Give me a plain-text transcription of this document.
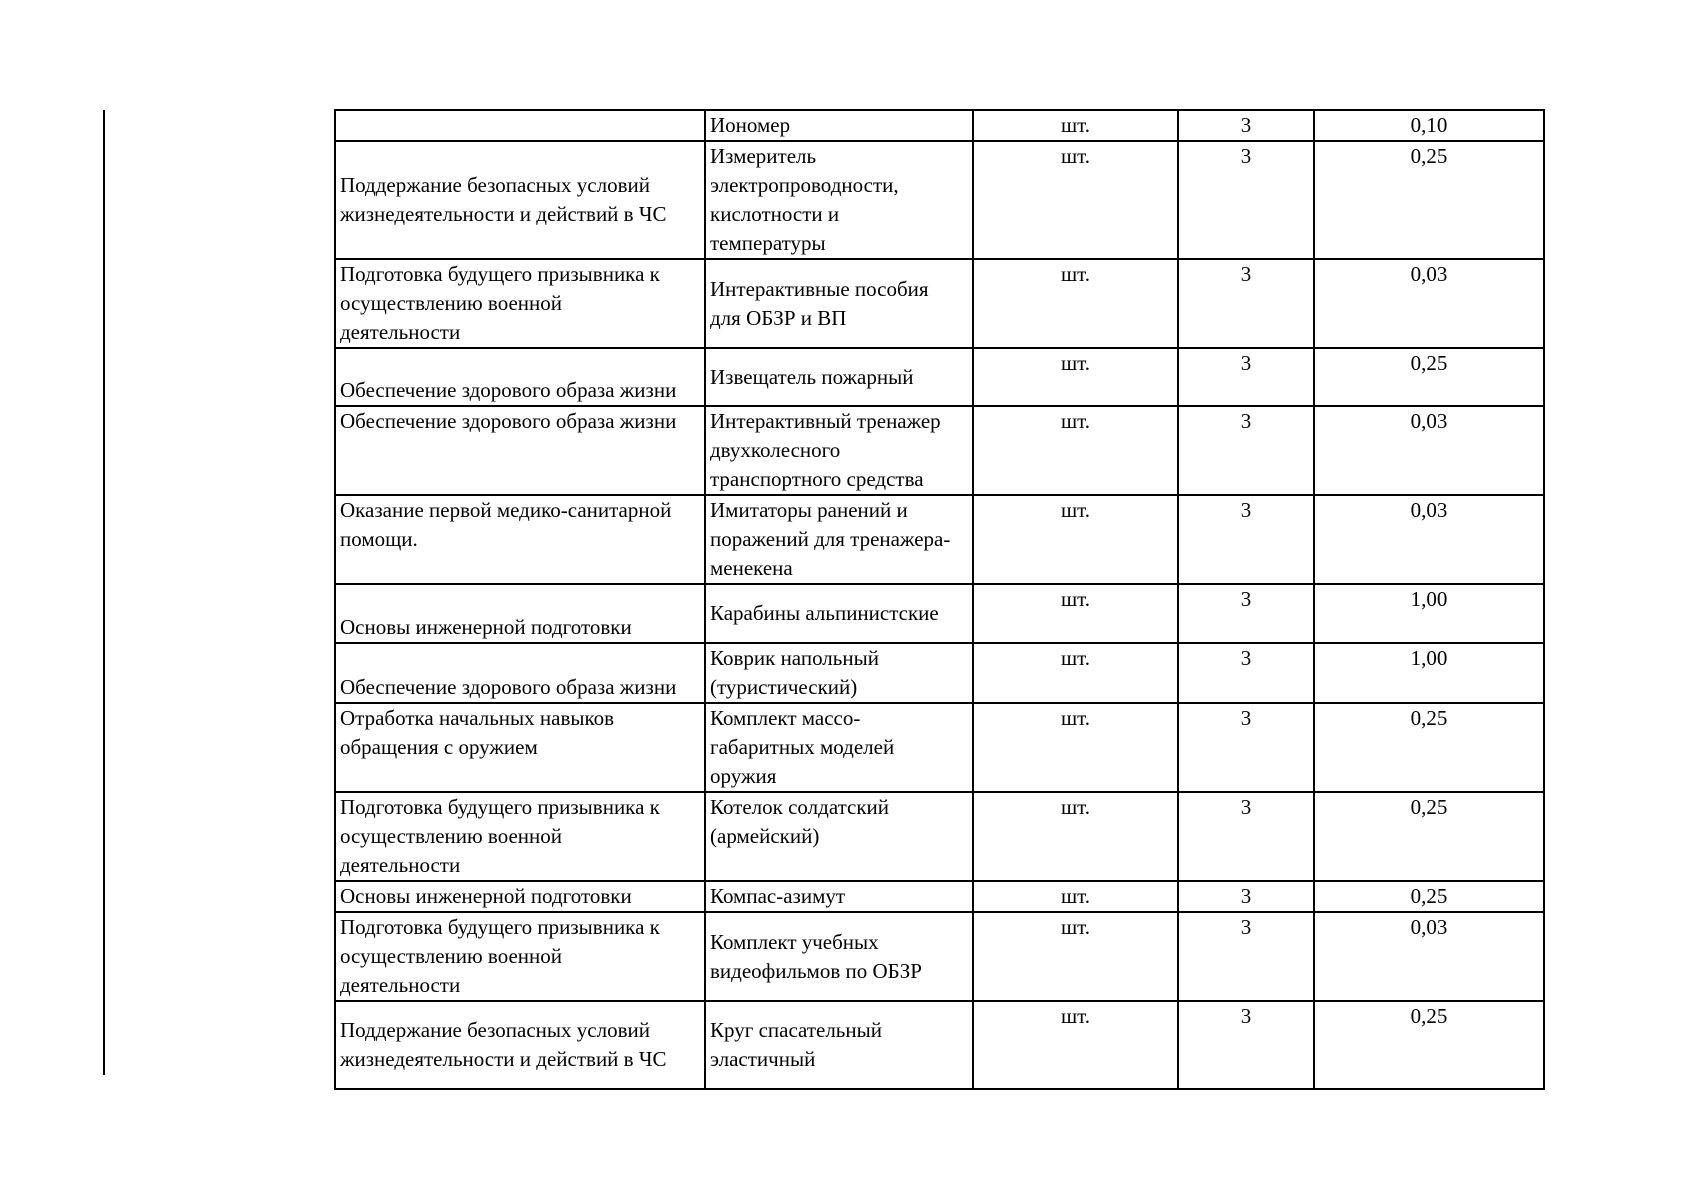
	Иономер	шт.	3	0,10
Поддержание безопасных условий
жизнедеятельности и действий в ЧС	Измеритель
электропроводности,
кислотности и
температуры	шт.	3	0,25
Подготовка будущего призывника к
осуществлению военной
деятельности	Интерактивные пособия
для ОБЗР и ВП	шт.	3	0,03
Обеспечение здорового образа жизни	Извещатель пожарный	шт.	3	0,25
Обеспечение здорового образа жизни	Интерактивный тренажер
двухколесного
транспортного средства	шт.	3	0,03
Оказание первой медико-санитарной
помощи.	Имитаторы ранений и
поражений для тренажера-
менекена	шт.	3	0,03
Основы инженерной подготовки	Карабины альпинистские	шт.	3	1,00
Обеспечение здорового образа жизни	Коврик напольный
(туристический)	шт.	3	1,00
Отработка начальных навыков
обращения с оружием	Комплект массо-
габаритных моделей
оружия	шт.	3	0,25
Подготовка будущего призывника к
осуществлению военной
деятельности	Котелок солдатский
(армейский)	шт.	3	0,25
Основы инженерной подготовки	Компас-азимут	шт.	3	0,25
Подготовка будущего призывника к
осуществлению военной
деятельности	Комплект учебных
видеофильмов по ОБЗР	шт.	3	0,03
Поддержание безопасных условий
жизнедеятельности и действий в ЧС	Круг спасательный
эластичный	шт.	3	0,25
